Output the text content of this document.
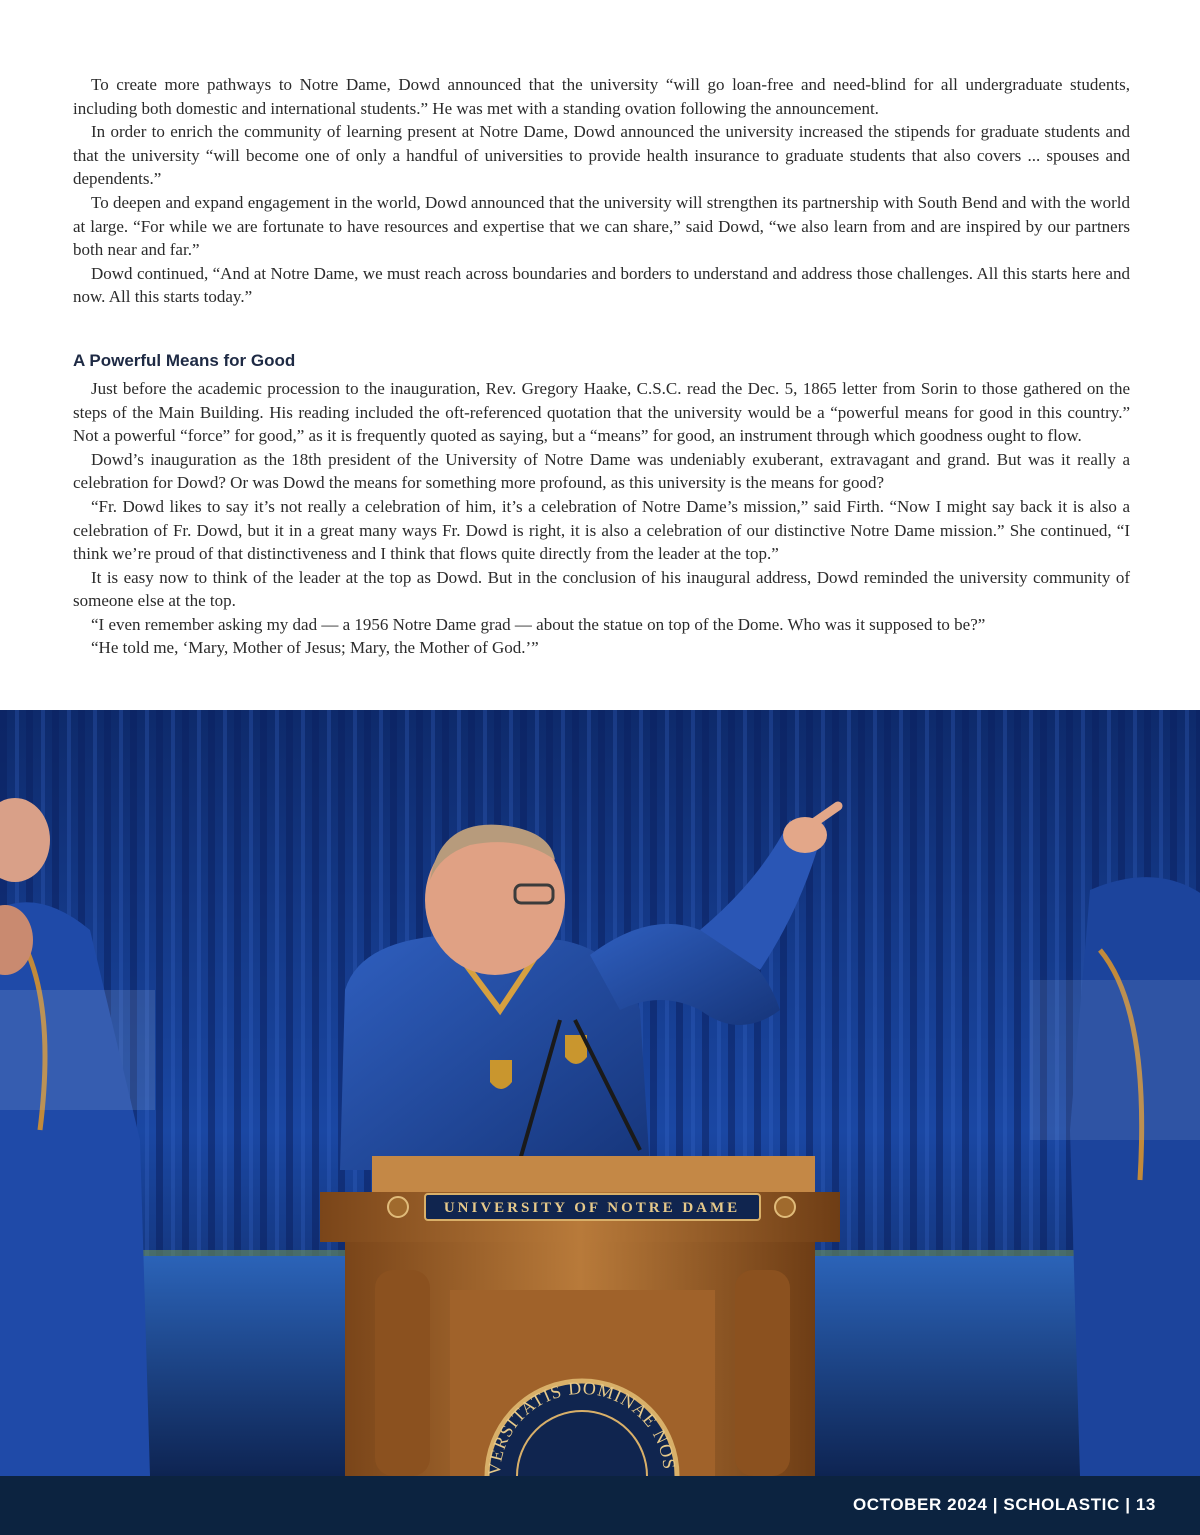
To create more pathways to Notre Dame, Dowd announced that the university “will go loan-free and need-blind for all undergraduate students, including both domestic and international students.” He was met with a standing ovation following the announcement.

In order to enrich the community of learning present at Notre Dame, Dowd announced the university increased the stipends for graduate students and that the university “will become one of only a handful of universities to provide health insurance to graduate students that also covers ... spouses and dependents.”

To deepen and expand engagement in the world, Dowd announced that the university will strengthen its partnership with South Bend and with the world at large. “For while we are fortunate to have resources and expertise that we can share,” said Dowd, “we also learn from and are inspired by our partners both near and far.”

Dowd continued, “And at Notre Dame, we must reach across boundaries and borders to understand and address those challenges. All this starts here and now. All this starts today.”

A Powerful Means for Good

Just before the academic procession to the inauguration, Rev. Gregory Haake, C.S.C. read the Dec. 5, 1865 letter from Sorin to those gathered on the steps of the Main Building. His reading included the oft-referenced quotation that the university would be a “powerful means for good in this country.” Not a powerful “force” for good,” as it is frequently quoted as saying, but a “means” for good, an instrument through which goodness ought to flow.

Dowd’s inauguration as the 18th president of the University of Notre Dame was undeniably exuberant, extravagant and grand. But was it really a celebration for Dowd? Or was Dowd the means for something more profound, as this university is the means for good?

“Fr. Dowd likes to say it’s not really a celebration of him, it’s a celebration of Notre Dame’s mission,” said Firth. “Now I might say back it is also a celebration of Fr. Dowd, but it in a great many ways Fr. Dowd is right, it is also a celebration of our distinctive Notre Dame mission.” She continued, “I think we’re proud of that distinctiveness and I think that flows quite directly from the leader at the top.”

It is easy now to think of the leader at the top as Dowd. But in the conclusion of his inaugural address, Dowd reminded the university community of someone else at the top.

“I even remember asking my dad — a 1956 Notre Dame grad — about the statue on top of the Dome. Who was it supposed to be?”

“He told me, ‘Mary, Mother of Jesus; Mary, the Mother of God.’”

UNIVERSITY OF NOTRE DAME
VERSITATIS DOMINAE NOS
OCTOBER 2024 | SCHOLASTIC | 13
